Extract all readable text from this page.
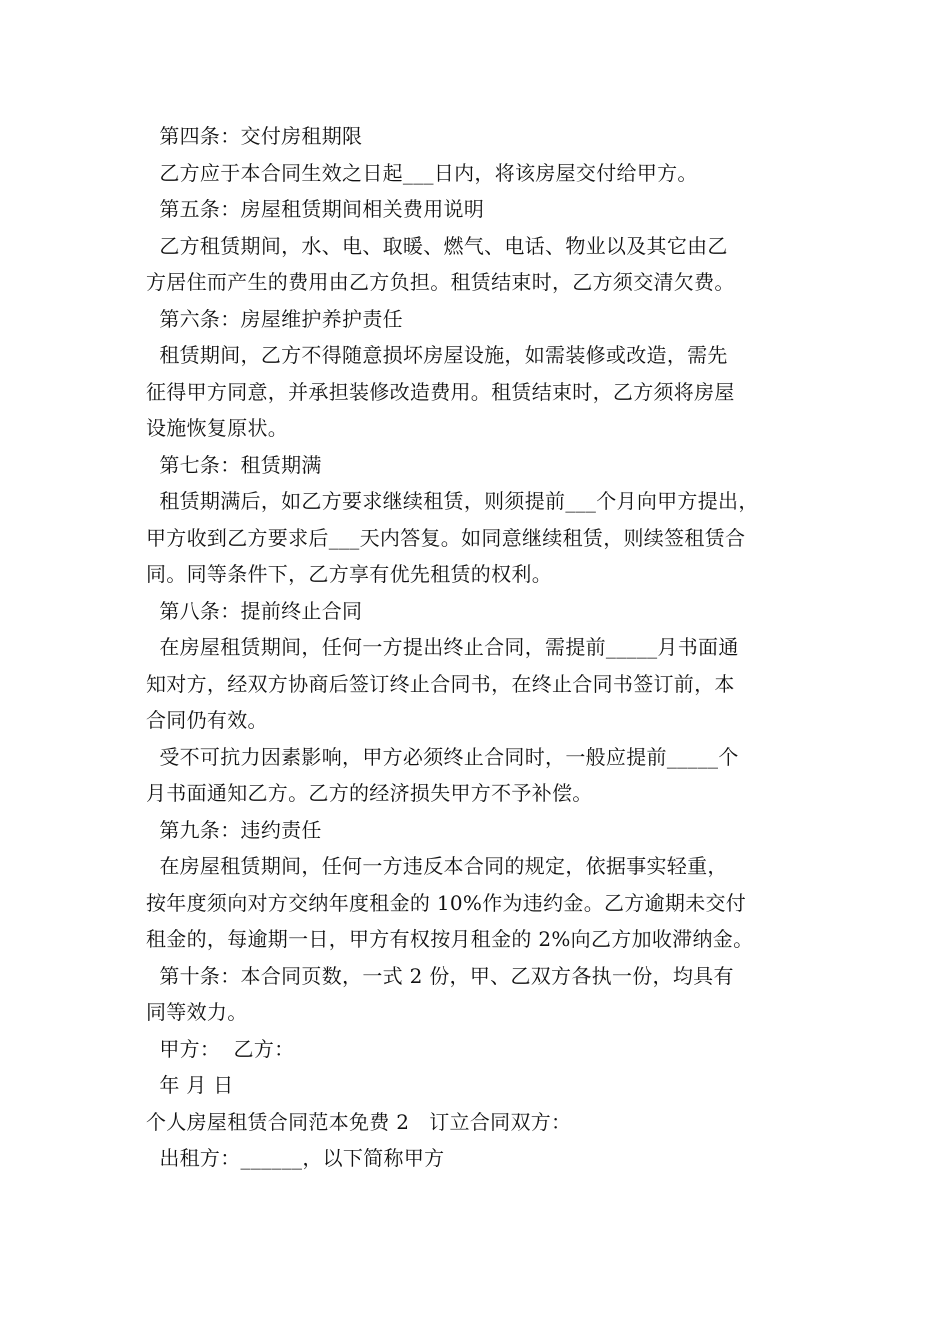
第四条：交付房租期限
乙方应于本合同生效之日起___日内，将该房屋交付给甲方。
第五条：房屋租赁期间相关费用说明
乙方租赁期间，水、电、取暖、燃气、电话、物业以及其它由乙
方居住而产生的费用由乙方负担。租赁结束时，乙方须交清欠费。
第六条：房屋维护养护责任
租赁期间，乙方不得随意损坏房屋设施，如需装修或改造，需先
征得甲方同意，并承担装修改造费用。租赁结束时，乙方须将房屋
设施恢复原状。
第七条：租赁期满
租赁期满后，如乙方要求继续租赁，则须提前___个月向甲方提出，
甲方收到乙方要求后___天内答复。如同意继续租赁，则续签租赁合
同。同等条件下，乙方享有优先租赁的权利。
第八条：提前终止合同
在房屋租赁期间，任何一方提出终止合同，需提前_____月书面通
知对方，经双方协商后签订终止合同书，在终止合同书签订前，本
合同仍有效。
受不可抗力因素影响，甲方必须终止合同时，一般应提前_____个
月书面通知乙方。乙方的经济损失甲方不予补偿。
第九条：违约责任
在房屋租赁期间，任何一方违反本合同的规定，依据事实轻重，
按年度须向对方交纳年度租金的 10%作为违约金。乙方逾期未交付
租金的，每逾期一日，甲方有权按月租金的 2%向乙方加收滞纳金。
第十条：本合同页数，一式 2 份，甲、乙双方各执一份，均具有
同等效力。
甲方：  乙方：
年 月 日
个人房屋租赁合同范本免费 2   订立合同双方：
出租方：______，以下简称甲方
